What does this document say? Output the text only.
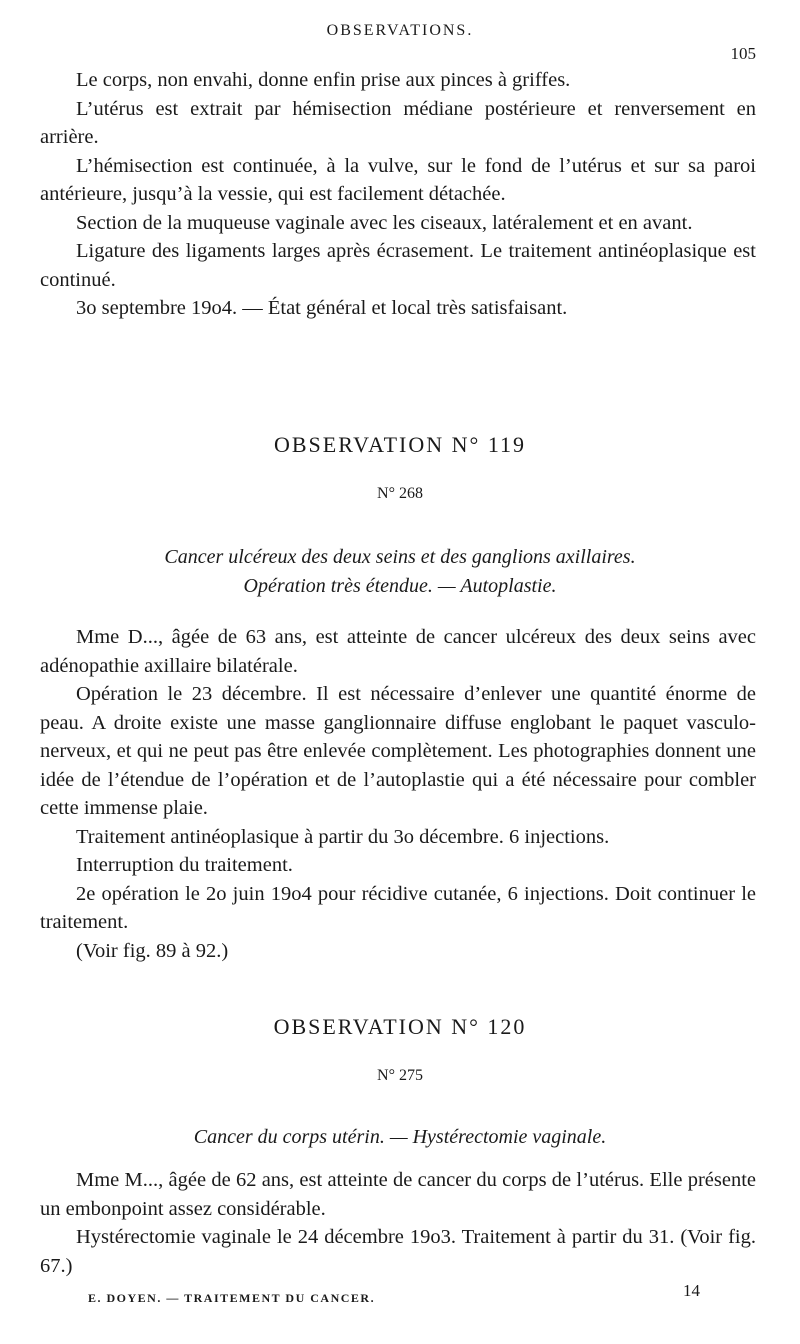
OBSERVATIONS.
105

Le corps, non envahi, donne enfin prise aux pinces à griffes.

L’utérus est extrait par hémisection médiane postérieure et renversement en arrière.

L’hémisection est continuée, à la vulve, sur le fond de l’utérus et sur sa paroi antérieure, jusqu’à la vessie, qui est facilement détachée.

Section de la muqueuse vaginale avec les ciseaux, latéralement et en avant.

Ligature des ligaments larges après écrasement. Le traitement antinéoplasique est continué.

3o septembre 19o4. — État général et local très satisfaisant.

OBSERVATION N° 119
N° 268
Cancer ulcéreux des deux seins et des ganglions axillaires.
Opération très étendue. — Autoplastie.

Mme D..., âgée de 63 ans, est atteinte de cancer ulcéreux des deux seins avec adénopathie axillaire bilatérale.

Opération le 23 décembre. Il est nécessaire d’enlever une quantité énorme de peau. A droite existe une masse ganglionnaire diffuse englobant le paquet vasculo-nerveux, et qui ne peut pas être enlevée complètement. Les photographies donnent une idée de l’étendue de l’opération et de l’autoplastie qui a été nécessaire pour combler cette immense plaie.

Traitement antinéoplasique à partir du 3o décembre. 6 injections.

Interruption du traitement.

2e opération le 2o juin 19o4 pour récidive cutanée, 6 injections. Doit continuer le traitement.

(Voir fig. 89 à 92.)

OBSERVATION N° 120
N° 275
Cancer du corps utérin. — Hystérectomie vaginale.

Mme M..., âgée de 62 ans, est atteinte de cancer du corps de l’utérus. Elle présente un embonpoint assez considérable.

Hystérectomie vaginale le 24 décembre 19o3. Traitement à partir du 31. (Voir fig. 67.)

E. DOYEN. — TRAITEMENT DU CANCER.	14
